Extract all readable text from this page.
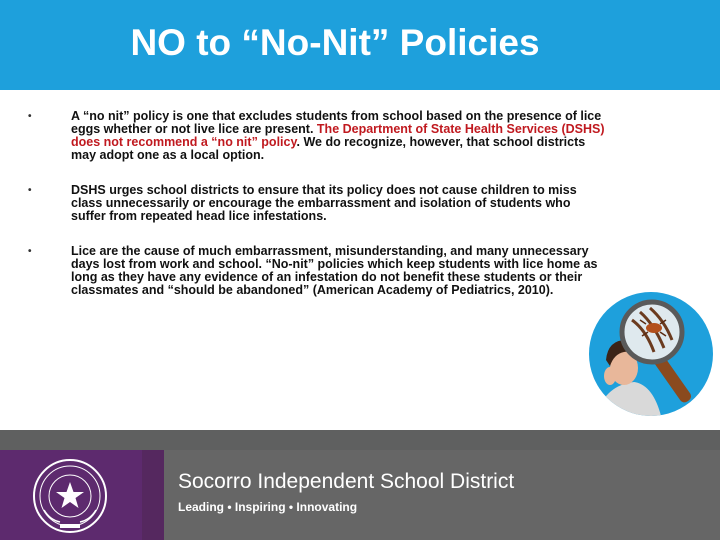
NO to “No-Nit” Policies
•	A “no nit” policy is one that excludes students from school based on the presence of lice eggs whether or not live lice are present. The Department of State Health Services (DSHS) does not recommend a “no nit” policy. We do recognize, however, that school districts may adopt one as a local option.
•	DSHS urges school districts to ensure that its policy does not cause children to miss class unnecessarily or encourage the embarrassment and isolation of students who suffer from repeated head lice infestations.
•	Lice are the cause of much embarrassment, misunderstanding, and many unnecessary days lost from work and school. “No-nit” policies which keep students with lice home as long as they have any evidence of an infestation do not benefit these students or their classmates and “should be abandoned” (American Academy of Pediatrics, 2010).
Socorro Independent School District
Leading • Inspiring • Innovating
